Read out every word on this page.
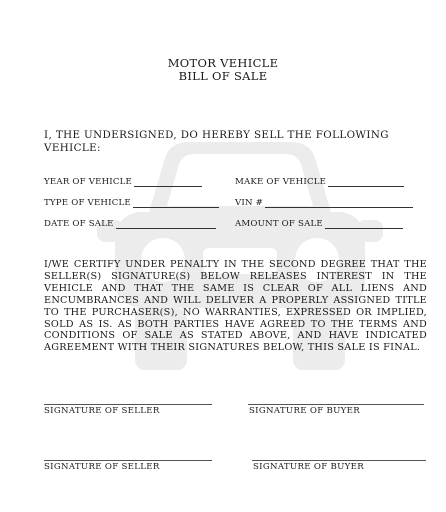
MOTOR VEHICLE
BILL OF SALE
I, THE UNDERSIGNED, DO HEREBY SELL THE FOLLOWING VEHICLE:
YEAR OF VEHICLE	MAKE OF VEHICLE
TYPE OF VEHICLE	VIN #
DATE OF SALE	AMOUNT OF SALE
I/WE CERTIFY UNDER PENALTY IN THE SECOND DEGREE THAT THE SELLER(S) SIGNATURE(S) BELOW RELEASES INTEREST IN THE VEHICLE AND THAT THE SAME IS CLEAR OF ALL LIENS AND ENCUMBRANCES AND WILL DELIVER A PROPERLY ASSIGNED TITLE TO THE PURCHASER(S), NO WARRANTIES, EXPRESSED OR IMPLIED, SOLD AS IS. AS BOTH PARTIES HAVE AGREED TO THE TERMS AND CONDITIONS OF SALE AS STATED ABOVE, AND HAVE INDICATED AGREEMENT WITH THEIR SIGNATURES BELOW, THIS SALE IS FINAL.
SIGNATURE OF SELLER	SIGNATURE OF BUYER
SIGNATURE OF SELLER	SIGNATURE OF BUYER
